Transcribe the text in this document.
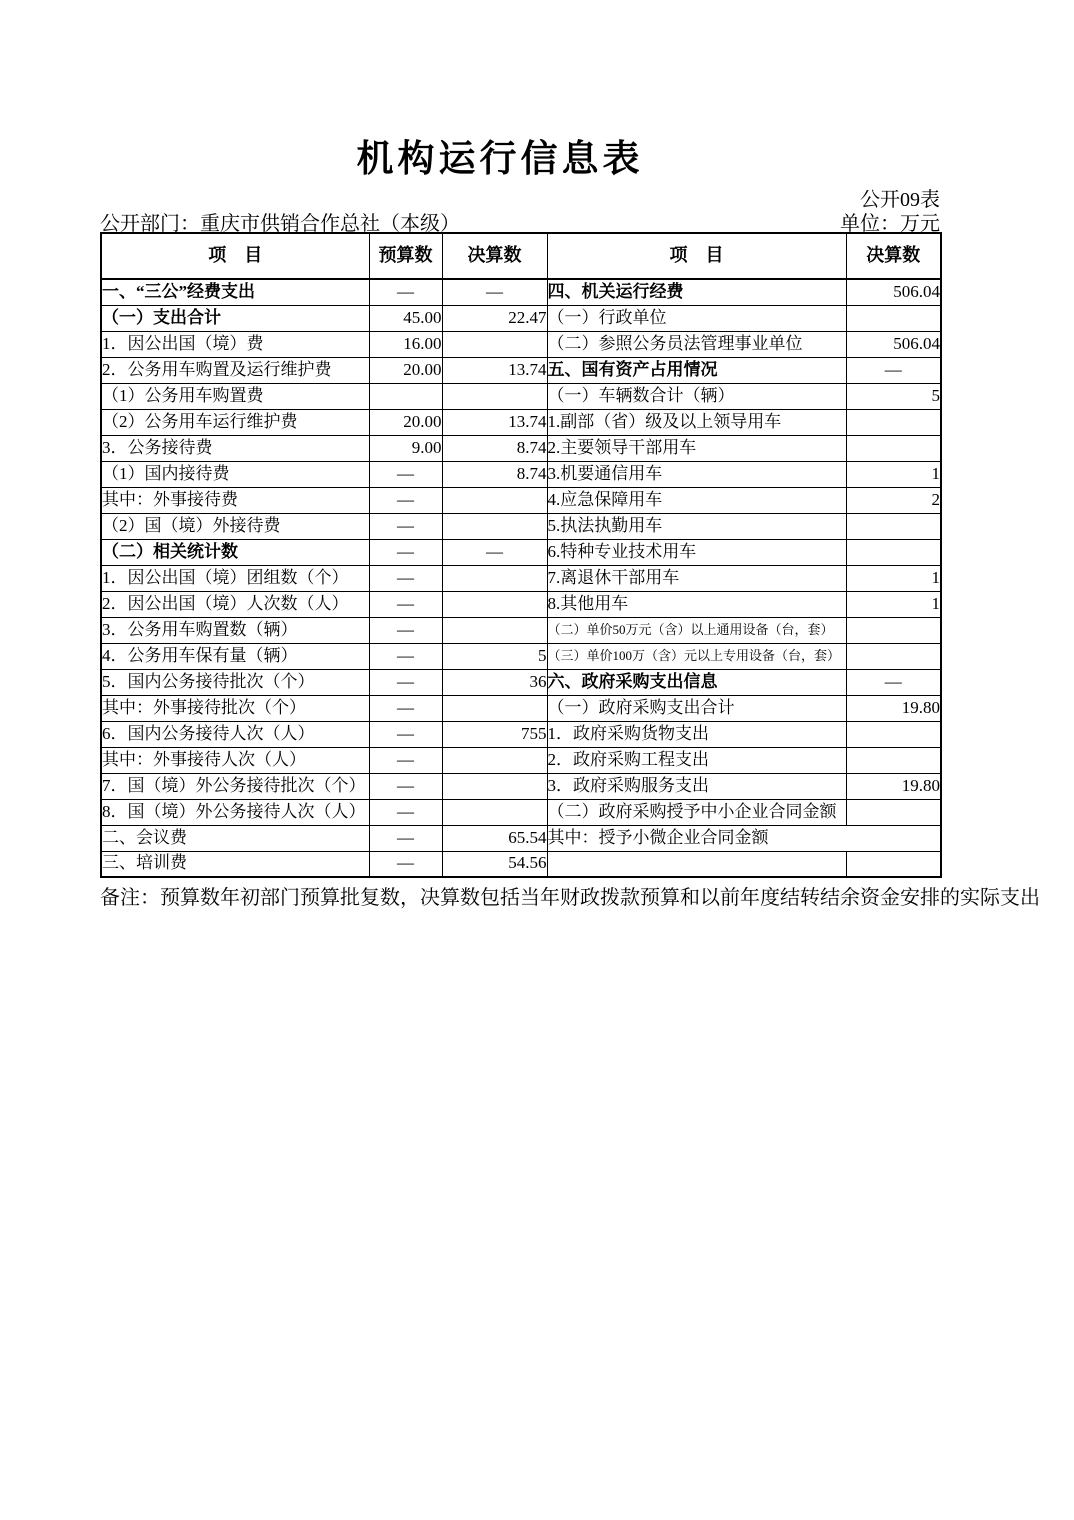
机构运行信息表
公开09表
公开部门：重庆市供销合作总社（本级）	单位：万元
项　目	预算数	决算数	项　目	决算数
一、“三公”经费支出	—	—	四、机关运行经费	506.04
（一）支出合计	45.00	22.47	（一）行政单位	
1．因公出国（境）费	16.00		（二）参照公务员法管理事业单位	506.04
2．公务用车购置及运行维护费	20.00	13.74	五、国有资产占用情况	—
（1）公务用车购置费			（一）车辆数合计（辆）	5
（2）公务用车运行维护费	20.00	13.74	1.副部（省）级及以上领导用车	
3．公务接待费	9.00	8.74	2.主要领导干部用车	
（1）国内接待费	—	8.74	3.机要通信用车	1
其中：外事接待费	—		4.应急保障用车	2
（2）国（境）外接待费	—		5.执法执勤用车	
（二）相关统计数	—	—	6.特种专业技术用车	
1．因公出国（境）团组数（个）	—		7.离退休干部用车	1
2．因公出国（境）人次数（人）	—		8.其他用车	1
3．公务用车购置数（辆）	—		（二）单价50万元（含）以上通用设备（台，套）	
4．公务用车保有量（辆）	—	5	（三）单价100万（含）元以上专用设备（台，套）	
5．国内公务接待批次（个）	—	36	六、政府采购支出信息	—
其中：外事接待批次（个）	—		（一）政府采购支出合计	19.80
6．国内公务接待人次（人）	—	755	1．政府采购货物支出	
其中：外事接待人次（人）	—		2．政府采购工程支出	
7．国（境）外公务接待批次（个）	—		3．政府采购服务支出	19.80
8．国（境）外公务接待人次（人）	—		（二）政府采购授予中小企业合同金额	
二、会议费	—	65.54	其中：授予小微企业合同金额	
三、培训费	—	54.56		
备注：预算数年初部门预算批复数，决算数包括当年财政拨款预算和以前年度结转结余资金安排的实际支出
